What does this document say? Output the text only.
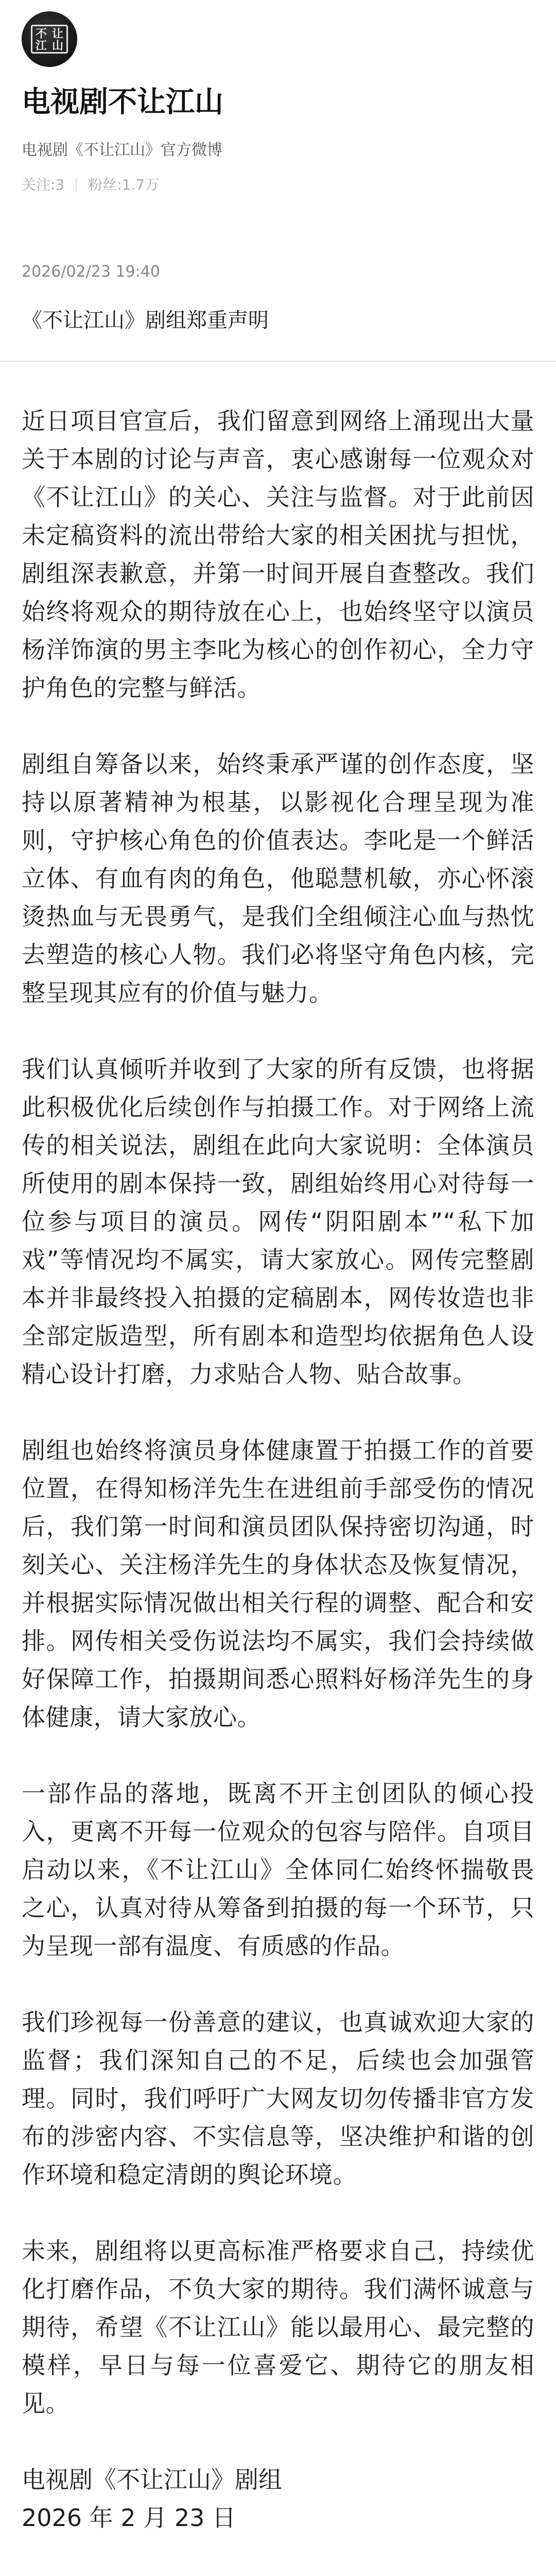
不 让
江 山
电视剧不让江山
电视剧《不让江山》官方微博
关注:3 粉丝:1.7万
2026/02/23 19:40
《不让江山》剧组郑重声明

近日项目官宣后，我们留意到网络上涌现出大量关于本剧的讨论与声音，衷心感谢每一位观众对《不让江山》的关心、关注与监督。对于此前因未定稿资料的流出带给大家的相关困扰与担忧，剧组深表歉意，并第一时间开展自查整改。我们始终将观众的期待放在心上，也始终坚守以演员杨洋饰演的男主李叱为核心的创作初心，全力守护角色的完整与鲜活。

剧组自筹备以来，始终秉承严谨的创作态度，坚持以原著精神为根基，以影视化合理呈现为准则，守护核心角色的价值表达。李叱是一个鲜活立体、有血有肉的角色，他聪慧机敏，亦心怀滚烫热血与无畏勇气，是我们全组倾注心血与热忱去塑造的核心人物。我们必将坚守角色内核，完整呈现其应有的价值与魅力。

我们认真倾听并收到了大家的所有反馈，也将据此积极优化后续创作与拍摄工作。对于网络上流传的相关说法，剧组在此向大家说明：全体演员所使用的剧本保持一致，剧组始终用心对待每一位参与项目的演员。网传“阴阳剧本”“私下加戏”等情况均不属实，请大家放心。网传完整剧本并非最终投入拍摄的定稿剧本，网传妆造也非全部定版造型，所有剧本和造型均依据角色人设精心设计打磨，力求贴合人物、贴合故事。

剧组也始终将演员身体健康置于拍摄工作的首要位置，在得知杨洋先生在进组前手部受伤的情况后，我们第一时间和演员团队保持密切沟通，时刻关心、关注杨洋先生的身体状态及恢复情况，并根据实际情况做出相关行程的调整、配合和安排。网传相关受伤说法均不属实，我们会持续做好保障工作，拍摄期间悉心照料好杨洋先生的身体健康，请大家放心。

一部作品的落地，既离不开主创团队的倾心投入，更离不开每一位观众的包容与陪伴。自项目启动以来，《不让江山》全体同仁始终怀揣敬畏之心，认真对待从筹备到拍摄的每一个环节，只为呈现一部有温度、有质感的作品。

我们珍视每一份善意的建议，也真诚欢迎大家的监督；我们深知自己的不足，后续也会加强管理。同时，我们呼吁广大网友切勿传播非官方发布的涉密内容、不实信息等，坚决维护和谐的创作环境和稳定清朗的舆论环境。

未来，剧组将以更高标准严格要求自己，持续优化打磨作品，不负大家的期待。我们满怀诚意与期待，希望《不让江山》能以最用心、最完整的模样，早日与每一位喜爱它、期待它的朋友相见。

电视剧《不让江山》剧组

2026 年 2 月 23 日
